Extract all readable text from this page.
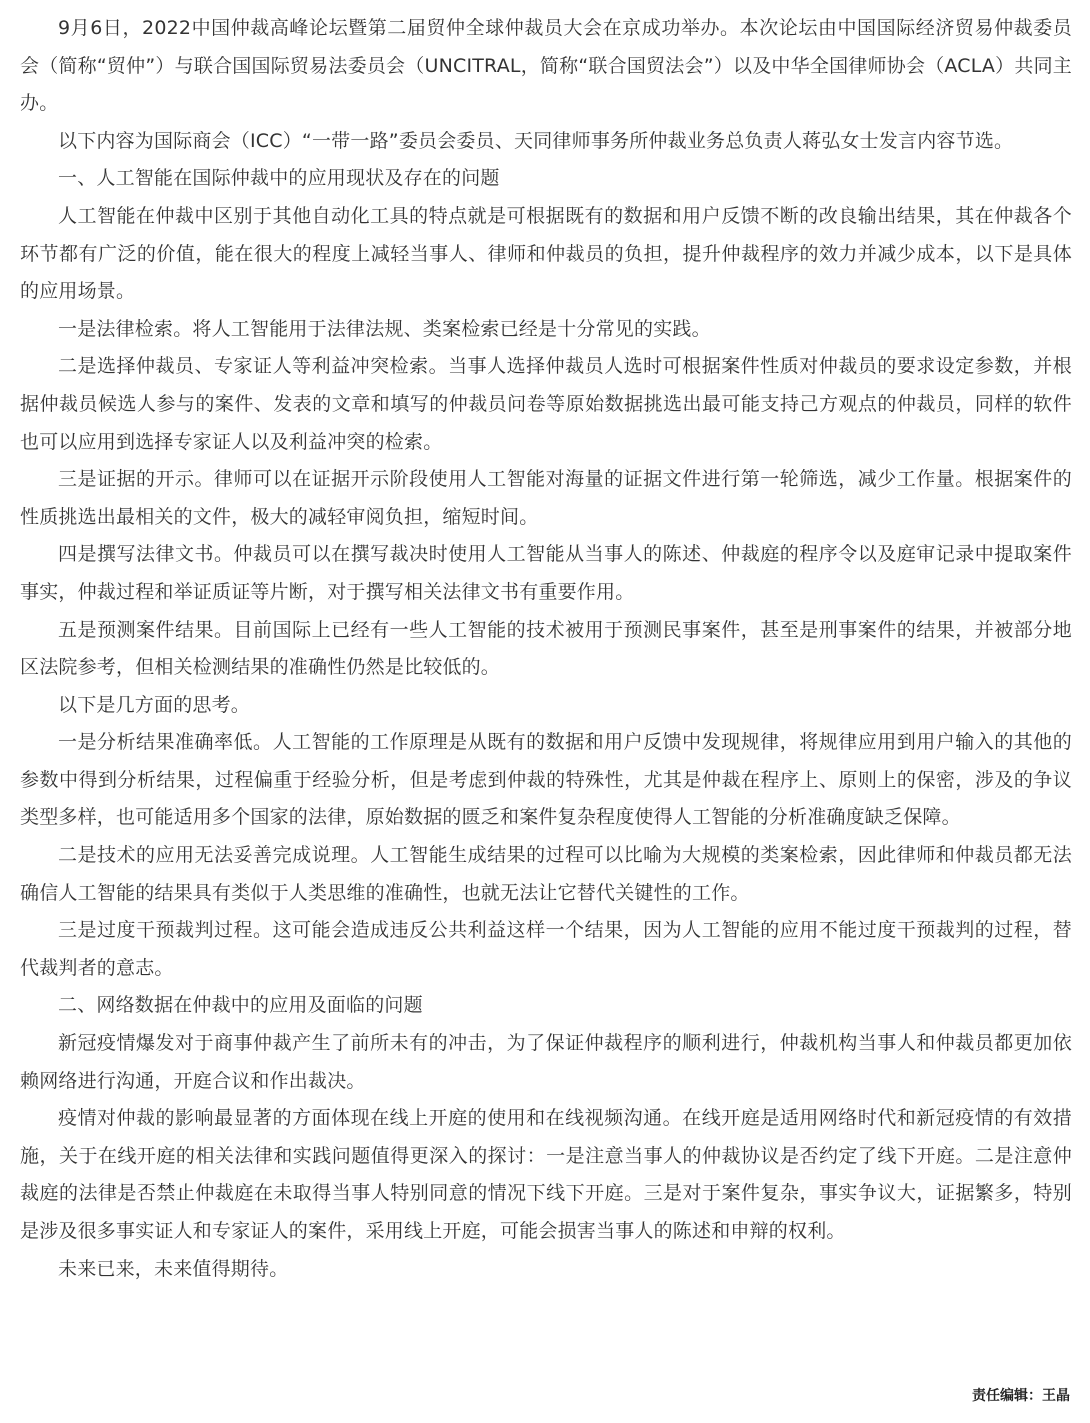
9月6日，2022中国仲裁高峰论坛暨第二届贸仲全球仲裁员大会在京成功举办。本次论坛由中国国际经济贸易仲裁委员会（简称“贸仲”）与联合国国际贸易法委员会（UNCITRAL，简称“联合国贸法会”）以及中华全国律师协会（ACLA）共同主办。

以下内容为国际商会（ICC）“一带一路”委员会委员、天同律师事务所仲裁业务总负责人蒋弘女士发言内容节选。

一、人工智能在国际仲裁中的应用现状及存在的问题

人工智能在仲裁中区别于其他自动化工具的特点就是可根据既有的数据和用户反馈不断的改良输出结果，其在仲裁各个环节都有广泛的价值，能在很大的程度上减轻当事人、律师和仲裁员的负担，提升仲裁程序的效力并减少成本，以下是具体的应用场景。

一是法律检索。将人工智能用于法律法规、类案检索已经是十分常见的实践。

二是选择仲裁员、专家证人等利益冲突检索。当事人选择仲裁员人选时可根据案件性质对仲裁员的要求设定参数，并根据仲裁员候选人参与的案件、发表的文章和填写的仲裁员问卷等原始数据挑选出最可能支持己方观点的仲裁员，同样的软件也可以应用到选择专家证人以及利益冲突的检索。

三是证据的开示。律师可以在证据开示阶段使用人工智能对海量的证据文件进行第一轮筛选，减少工作量。根据案件的性质挑选出最相关的文件，极大的减轻审阅负担，缩短时间。

四是撰写法律文书。仲裁员可以在撰写裁决时使用人工智能从当事人的陈述、仲裁庭的程序令以及庭审记录中提取案件事实，仲裁过程和举证质证等片断，对于撰写相关法律文书有重要作用。

五是预测案件结果。目前国际上已经有一些人工智能的技术被用于预测民事案件，甚至是刑事案件的结果，并被部分地区法院参考，但相关检测结果的准确性仍然是比较低的。

以下是几方面的思考。

一是分析结果准确率低。人工智能的工作原理是从既有的数据和用户反馈中发现规律，将规律应用到用户输入的其他的参数中得到分析结果，过程偏重于经验分析，但是考虑到仲裁的特殊性，尤其是仲裁在程序上、原则上的保密，涉及的争议类型多样，也可能适用多个国家的法律，原始数据的匮乏和案件复杂程度使得人工智能的分析准确度缺乏保障。

二是技术的应用无法妥善完成说理。人工智能生成结果的过程可以比喻为大规模的类案检索，因此律师和仲裁员都无法确信人工智能的结果具有类似于人类思维的准确性，也就无法让它替代关键性的工作。

三是过度干预裁判过程。这可能会造成违反公共利益这样一个结果，因为人工智能的应用不能过度干预裁判的过程，替代裁判者的意志。

二、网络数据在仲裁中的应用及面临的问题

新冠疫情爆发对于商事仲裁产生了前所未有的冲击，为了保证仲裁程序的顺利进行，仲裁机构当事人和仲裁员都更加依赖网络进行沟通，开庭合议和作出裁决。

疫情对仲裁的影响最显著的方面体现在线上开庭的使用和在线视频沟通。在线开庭是适用网络时代和新冠疫情的有效措施，关于在线开庭的相关法律和实践问题值得更深入的探讨：一是注意当事人的仲裁协议是否约定了线下开庭。二是注意仲裁庭的法律是否禁止仲裁庭在未取得当事人特别同意的情况下线下开庭。三是对于案件复杂，事实争议大，证据繁多，特别是涉及很多事实证人和专家证人的案件，采用线上开庭，可能会损害当事人的陈述和申辩的权利。

未来已来，未来值得期待。

责任编辑：王晶
